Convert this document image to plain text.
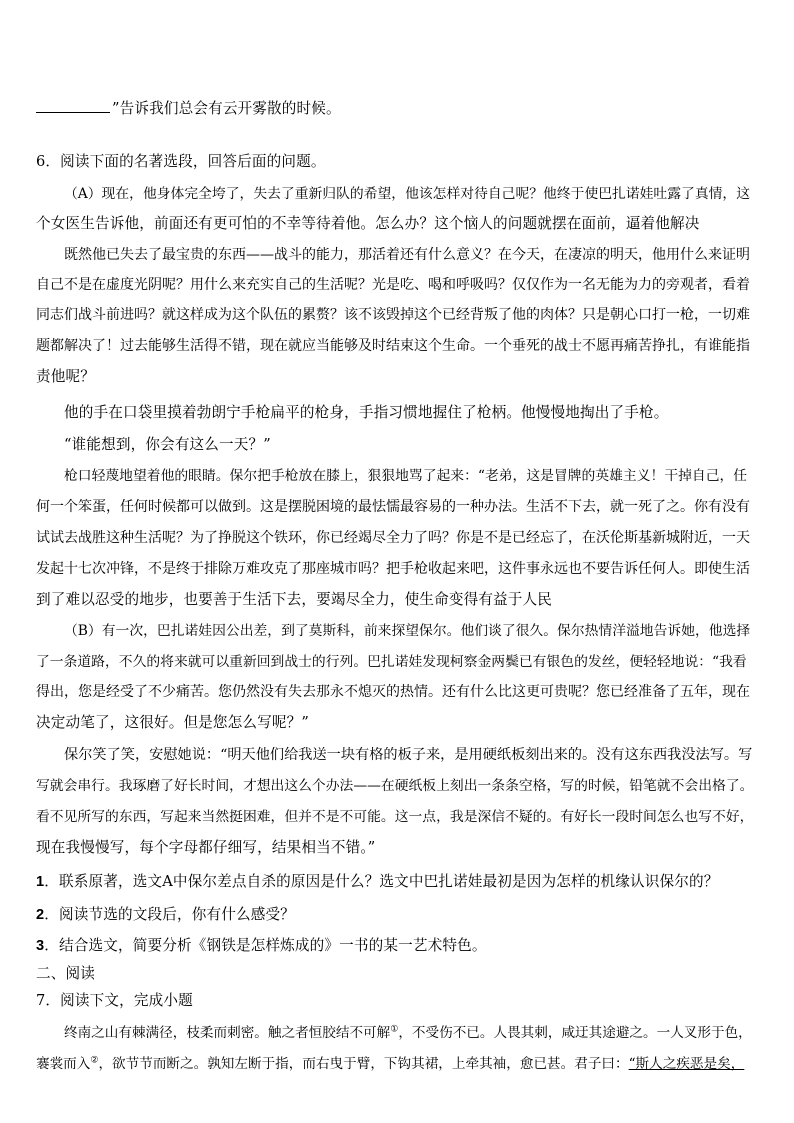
”告诉我们总会有云开雾散的时候。
6．阅读下面的名著选段，回答后面的问题。
（A）现在，他身体完全垮了，失去了重新归队的希望，他该怎样对待自己呢？他终于使巴扎诺娃吐露了真情，这
个女医生告诉他，前面还有更可怕的不幸等待着他。怎么办？这个恼人的问题就摆在面前，逼着他解决
既然他已失去了最宝贵的东西——战斗的能力，那活着还有什么意义？在今天，在凄凉的明天，他用什么来证明
自己不是在虚度光阴呢？用什么来充实自己的生活呢？光是吃、喝和呼吸吗？仅仅作为一名无能为力的旁观者，看着
同志们战斗前进吗？就这样成为这个队伍的累赘？该不该毁掉这个已经背叛了他的肉体？只是朝心口打一枪，一切难
题都解决了！过去能够生活得不错，现在就应当能够及时结束这个生命。一个垂死的战士不愿再痛苦挣扎，有谁能指
责他呢？
他的手在口袋里摸着勃朗宁手枪扁平的枪身，手指习惯地握住了枪柄。他慢慢地掏出了手枪。
“谁能想到，你会有这么一天？”
枪口轻蔑地望着他的眼睛。保尔把手枪放在膝上，狠狠地骂了起来：“老弟，这是冒牌的英雄主义！干掉自己，任
何一个笨蛋，任何时候都可以做到。这是摆脱困境的最怯懦最容易的一种办法。生活不下去，就一死了之。你有没有
试试去战胜这种生活呢？为了挣脱这个铁环，你已经竭尽全力了吗？你是不是已经忘了，在沃伦斯基新城附近，一天
发起十七次冲锋，不是终于排除万难攻克了那座城市吗？把手枪收起来吧，这件事永远也不要告诉任何人。即使生活
到了难以忍受的地步，也要善于生活下去，要竭尽全力，使生命变得有益于人民
（B）有一次，巴扎诺娃因公出差，到了莫斯科，前来探望保尔。他们谈了很久。保尔热情洋溢地告诉她，他选择
了一条道路，不久的将来就可以重新回到战士的行列。巴扎诺娃发现柯察金两鬓已有银色的发丝，便轻轻地说：“我看
得出，您是经受了不少痛苦。您仍然没有失去那永不熄灭的热情。还有什么比这更可贵呢？您已经准备了五年，现在
决定动笔了，这很好。但是您怎么写呢？”
保尔笑了笑，安慰她说：“明天他们给我送一块有格的板子来，是用硬纸板刻出来的。没有这东西我没法写。写
写就会串行。我琢磨了好长时间，才想出这么个办法——在硬纸板上刻出一条条空格，写的时候，铅笔就不会出格了。
看不见所写的东西，写起来当然挺困难，但并不是不可能。这一点，我是深信不疑的。有好长一段时间怎么也写不好，
现在我慢慢写，每个字母都仔细写，结果相当不错。”
1．联系原著，选文A中保尔差点自杀的原因是什么？选文中巴扎诺娃最初是因为怎样的机缘认识保尔的？
2．阅读节选的文段后，你有什么感受？
3．结合选文，简要分析《钢铁是怎样炼成的》一书的某一艺术特色。
二、阅读
7．阅读下文，完成小题
终南之山有棘满径，枝柔而刺密。触之者恒胶结不可解①，不受伤不已。人畏其刺，咸迂其途避之。一人叉形于色，
褰裳而入②，欲节节而断之。孰知左断于指，而右曳于臂，下钩其裙，上牵其袖，愈已甚。君子曰：“斯人之疾恶是矣，
